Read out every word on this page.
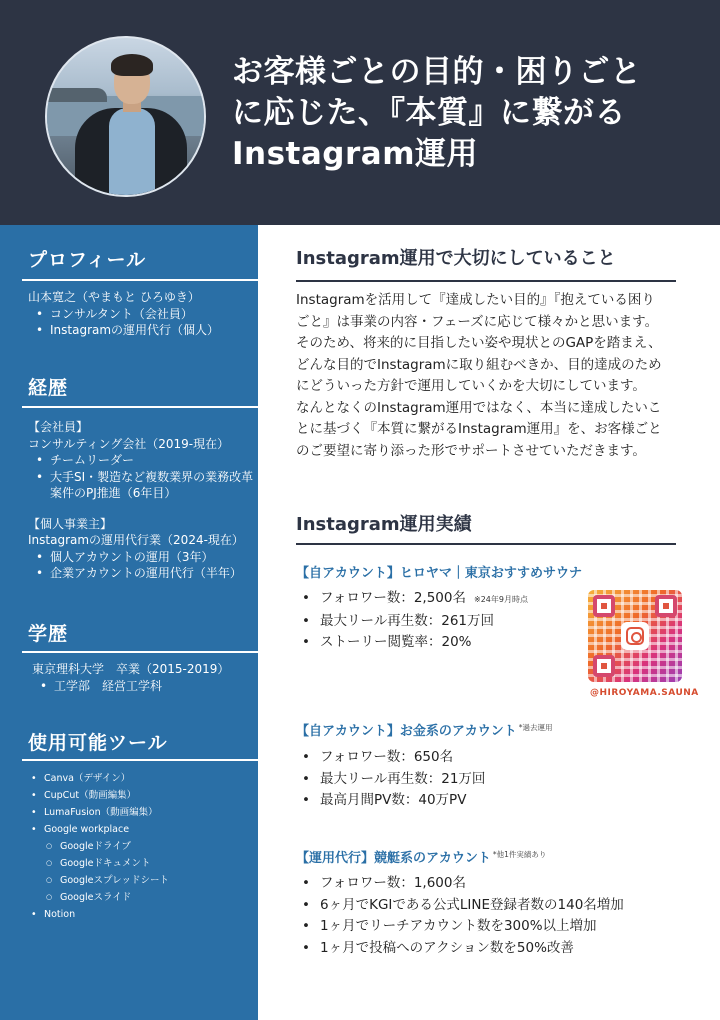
お客様ごとの目的・困りごと
に応じた、『本質』に繋がる
Instagram運用
プロフィール
山本寛之（やまもと ひろゆき）
• コンサルタント（会社員）
• Instagramの運用代行（個人）
経歴
【会社員】
コンサルティング会社（2019-現在）
• チームリーダー
• 大手SI・製造など複数業界の業務改革
案件のPJ推進（6年目）
【個人事業主】
Instagramの運用代行業（2024-現在）
• 個人アカウントの運用（3年）
• 企業アカウントの運用代行（半年）
学歴
東京理科大学　卒業（2015-2019）
• 工学部　経営工学科
使用可能ツール
• Canva（デザイン）
• CupCut（動画編集）
• LumaFusion（動画編集）
• Google workplace
○ Googleドライブ
○ Googleドキュメント
○ Googleスプレッドシート
○ Googleスライド
• Notion
Instagram運用で大切にしていること
Instagramを活用して『達成したい目的』『抱えている困り
ごと』は事業の内容・フェーズに応じて様々かと思います。
そのため、将来的に目指したい姿や現状とのGAPを踏まえ、
どんな目的でInstagramに取り組むべきか、目的達成のため
にどういった方針で運用していくかを大切にしています。
なんとなくのInstagram運用ではなく、本当に達成したいこ
とに基づく『本質に繋がるInstagram運用』を、お客様ごと
のご要望に寄り添った形でサポートさせていただきます。
Instagram運用実績
【自アカウント】ヒロヤマ｜東京おすすめサウナ
• フォロワー数：2,500名 ※24年9月時点
• 最大リール再生数：261万回
• ストーリー閲覧率：20%
@HIROYAMA.SAUNA
【自アカウント】お金系のアカウント $^{*過去運用}$
• フォロワー数：650名
• 最大リール再生数：21万回
• 最高月間PV数：40万PV
【運用代行】競艇系のアカウント $^{*他1件実績あり}$
• フォロワー数：1,600名
• 6ヶ月でKGIである公式LINE登録者数の140名増加
• 1ヶ月でリーチアカウント数を300%以上増加
• 1ヶ月で投稿へのアクション数を50%改善
